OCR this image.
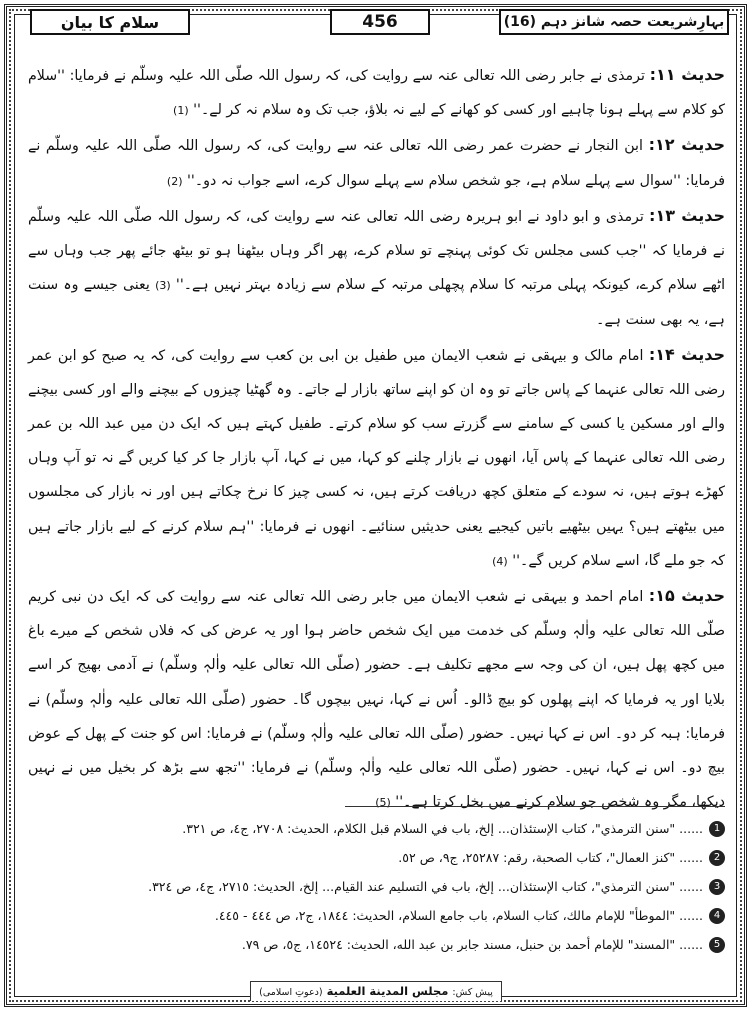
سلام کا بیان	456	بہارِشریعت حصہ شانز دہم (16)

حدیث ۱۱: ترمذی نے جابر رضی اللہ تعالی عنہ سے روایت کی، کہ رسول اللہ صلّی اللہ علیہ وسلّم نے فرمایا: ''سلام کو کلام سے پہلے ہونا چاہیے اور کسی کو کھانے کے لیے نہ بلاؤ، جب تک وہ سلام نہ کر لے۔'' (1)

حدیث ۱۲: ابن النجار نے حضرت عمر رضی اللہ تعالی عنہ سے روایت کی، کہ رسول اللہ صلّی اللہ علیہ وسلّم نے فرمایا: ''سوال سے پہلے سلام ہے، جو شخص سلام سے پہلے سوال کرے، اسے جواب نہ دو۔'' (2)

حدیث ۱۳: ترمذی و ابو داود نے ابو ہریرہ رضی اللہ تعالی عنہ سے روایت کی، کہ رسول اللہ صلّی اللہ علیہ وسلّم نے فرمایا کہ ''جب کسی مجلس تک کوئی پہنچے تو سلام کرے، پھر اگر وہاں بیٹھنا ہو تو بیٹھ جائے پھر جب وہاں سے اٹھے سلام کرے، کیونکہ پہلی مرتبہ کا سلام پچھلی مرتبہ کے سلام سے زیادہ بہتر نہیں ہے۔'' (3) یعنی جیسے وہ سنت ہے، یہ بھی سنت ہے۔

حدیث ۱۴: امام مالک و بیہقی نے شعب الایمان میں طفیل بن ابی بن کعب سے روایت کی، کہ یہ صبح کو ابن عمر رضی اللہ تعالی عنہما کے پاس جاتے تو وہ ان کو اپنے ساتھ بازار لے جاتے۔ وہ گھٹیا چیزوں کے بیچنے والے اور کسی بیچنے والے اور مسکین یا کسی کے سامنے سے گزرتے سب کو سلام کرتے۔ طفیل کہتے ہیں کہ ایک دن میں عبد اللہ بن عمر رضی اللہ تعالی عنہما کے پاس آیا، انھوں نے بازار چلنے کو کہا، میں نے کہا، آپ بازار جا کر کیا کریں گے نہ تو آپ وہاں کھڑے ہوتے ہیں، نہ سودے کے متعلق کچھ دریافت کرتے ہیں، نہ کسی چیز کا نرخ چکاتے ہیں اور نہ بازار کی مجلسوں میں بیٹھتے ہیں؟ یہیں بیٹھیے باتیں کیجیے یعنی حدیثیں سنائیے۔ انھوں نے فرمایا: ''ہم سلام کرنے کے لیے بازار جاتے ہیں کہ جو ملے گا، اسے سلام کریں گے۔'' (4)

حدیث ۱۵: امام احمد و بیہقی نے شعب الایمان میں جابر رضی اللہ تعالی عنہ سے روایت کی کہ ایک دن نبی کریم صلّی اللہ تعالی علیہ واٰلہٖ وسلّم کی خدمت میں ایک شخص حاضر ہوا اور یہ عرض کی کہ فلاں شخص کے میرے باغ میں کچھ پھل ہیں، ان کی وجہ سے مجھے تکلیف ہے۔ حضور (صلّی اللہ تعالی علیہ واٰلہٖ وسلّم) نے آدمی بھیج کر اسے بلایا اور یہ فرمایا کہ اپنے پھلوں کو بیچ ڈالو۔ اُس نے کہا، نہیں بیچوں گا۔ حضور (صلّی اللہ تعالی علیہ واٰلہٖ وسلّم) نے فرمایا: ہبہ کر دو۔ اس نے کہا نہیں۔ حضور (صلّی اللہ تعالی علیہ واٰلہٖ وسلّم) نے فرمایا: اس کو جنت کے پھل کے عوض بیچ دو۔ اس نے کہا، نہیں۔ حضور (صلّی اللہ تعالی علیہ واٰلہٖ وسلّم) نے فرمایا: ''تجھ سے بڑھ کر بخیل میں نے نہیں دیکھا، مگر وہ شخص جو سلام کرنے میں بخل کرتا ہے۔'' (5)

1
...... "سنن الترمذي"، كتاب الإستئذان... إلخ، باب في السلام قبل الكلام، الحديث: ٢٧٠٨، ج٤، ص ٣٢١.
2
...... "كنز العمال"، كتاب الصحبة، رقم: ٢٥٢٨٧، ج٩، ص ٥٢.
3
...... "سنن الترمذي"، كتاب الإستئذان... إلخ، باب في التسليم عند القيام... إلخ، الحديث: ٢٧١٥، ج٤، ص ٣٢٤.
4
...... "الموطأ" للإمام مالك، كتاب السلام، باب جامع السلام، الحديث: ١٨٤٤، ج٢، ص ٤٤٤ - ٤٤٥.
5
...... "المسند" للإمام أحمد بن حنبل، مسند جابر بن عبد الله، الحديث: ١٤٥٢٤، ج٥، ص ٧٩.
پیش کش: مجلس المدينة العلمية (دعوتِ اسلامی)
